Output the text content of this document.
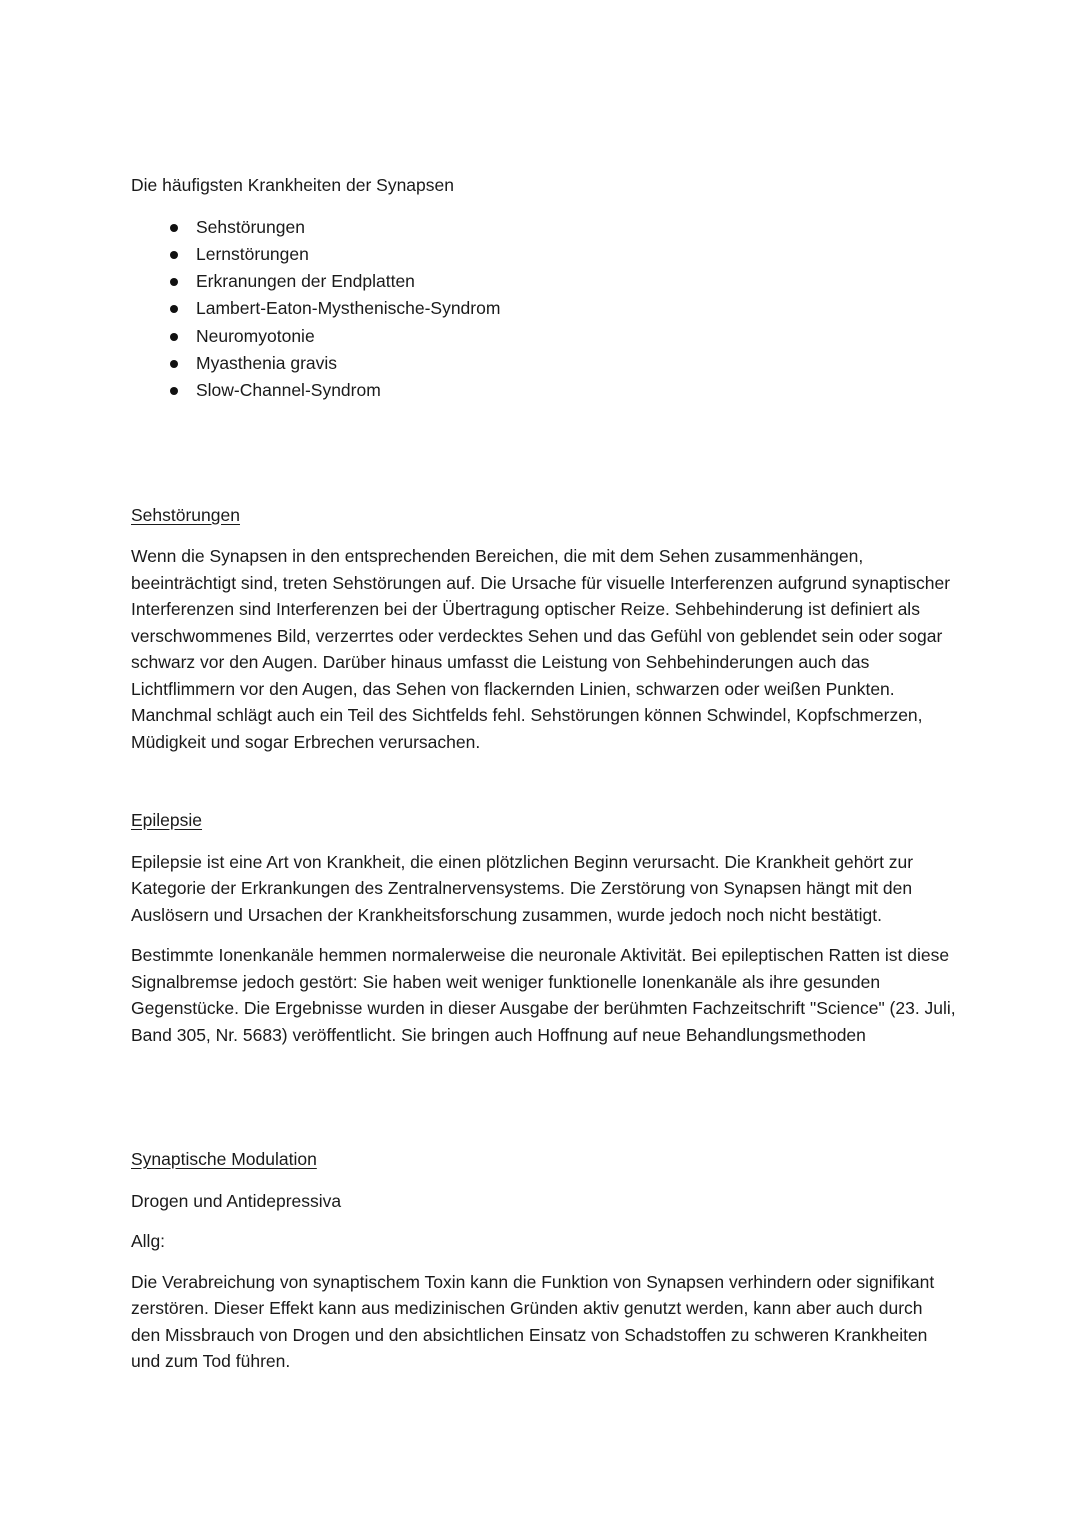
Die häufigsten Krankheiten der Synapsen

Sehstörungen
Lernstörungen
Erkranungen der Endplatten
Lambert-Eaton-Mysthenische-Syndrom
Neuromyotonie
Myasthenia gravis
Slow-Channel-Syndrom

Sehstörungen

Wenn die Synapsen in den entsprechenden Bereichen, die mit dem Sehen zusammenhängen, beeinträchtigt sind, treten Sehstörungen auf. Die Ursache für visuelle Interferenzen aufgrund synaptischer Interferenzen sind Interferenzen bei der Übertragung optischer Reize. Sehbehinderung ist definiert als verschwommenes Bild, verzerrtes oder verdecktes Sehen und das Gefühl von geblendet sein oder sogar schwarz vor den Augen. Darüber hinaus umfasst die Leistung von Sehbehinderungen auch das Lichtflimmern vor den Augen, das Sehen von flackernden Linien, schwarzen oder weißen Punkten. Manchmal schlägt auch ein Teil des Sichtfelds fehl. Sehstörungen können Schwindel, Kopfschmerzen, Müdigkeit und sogar Erbrechen verursachen.

Epilepsie

Epilepsie ist eine Art von Krankheit, die einen plötzlichen Beginn verursacht. Die Krankheit gehört zur Kategorie der Erkrankungen des Zentralnervensystems. Die Zerstörung von Synapsen hängt mit den Auslösern und Ursachen der Krankheitsforschung zusammen, wurde jedoch noch nicht bestätigt.

Bestimmte Ionenkanäle hemmen normalerweise die neuronale Aktivität. Bei epileptischen Ratten ist diese Signalbremse jedoch gestört: Sie haben weit weniger funktionelle Ionenkanäle als ihre gesunden Gegenstücke. Die Ergebnisse wurden in dieser Ausgabe der berühmten Fachzeitschrift "Science" (23. Juli, Band 305, Nr. 5683) veröffentlicht. Sie bringen auch Hoffnung auf neue Behandlungsmethoden

Synaptische Modulation

Drogen und Antidepressiva

Allg:

Die Verabreichung von synaptischem Toxin kann die Funktion von Synapsen verhindern oder signifikant zerstören. Dieser Effekt kann aus medizinischen Gründen aktiv genutzt werden, kann aber auch durch den Missbrauch von Drogen und den absichtlichen Einsatz von Schadstoffen zu schweren Krankheiten und zum Tod führen.
